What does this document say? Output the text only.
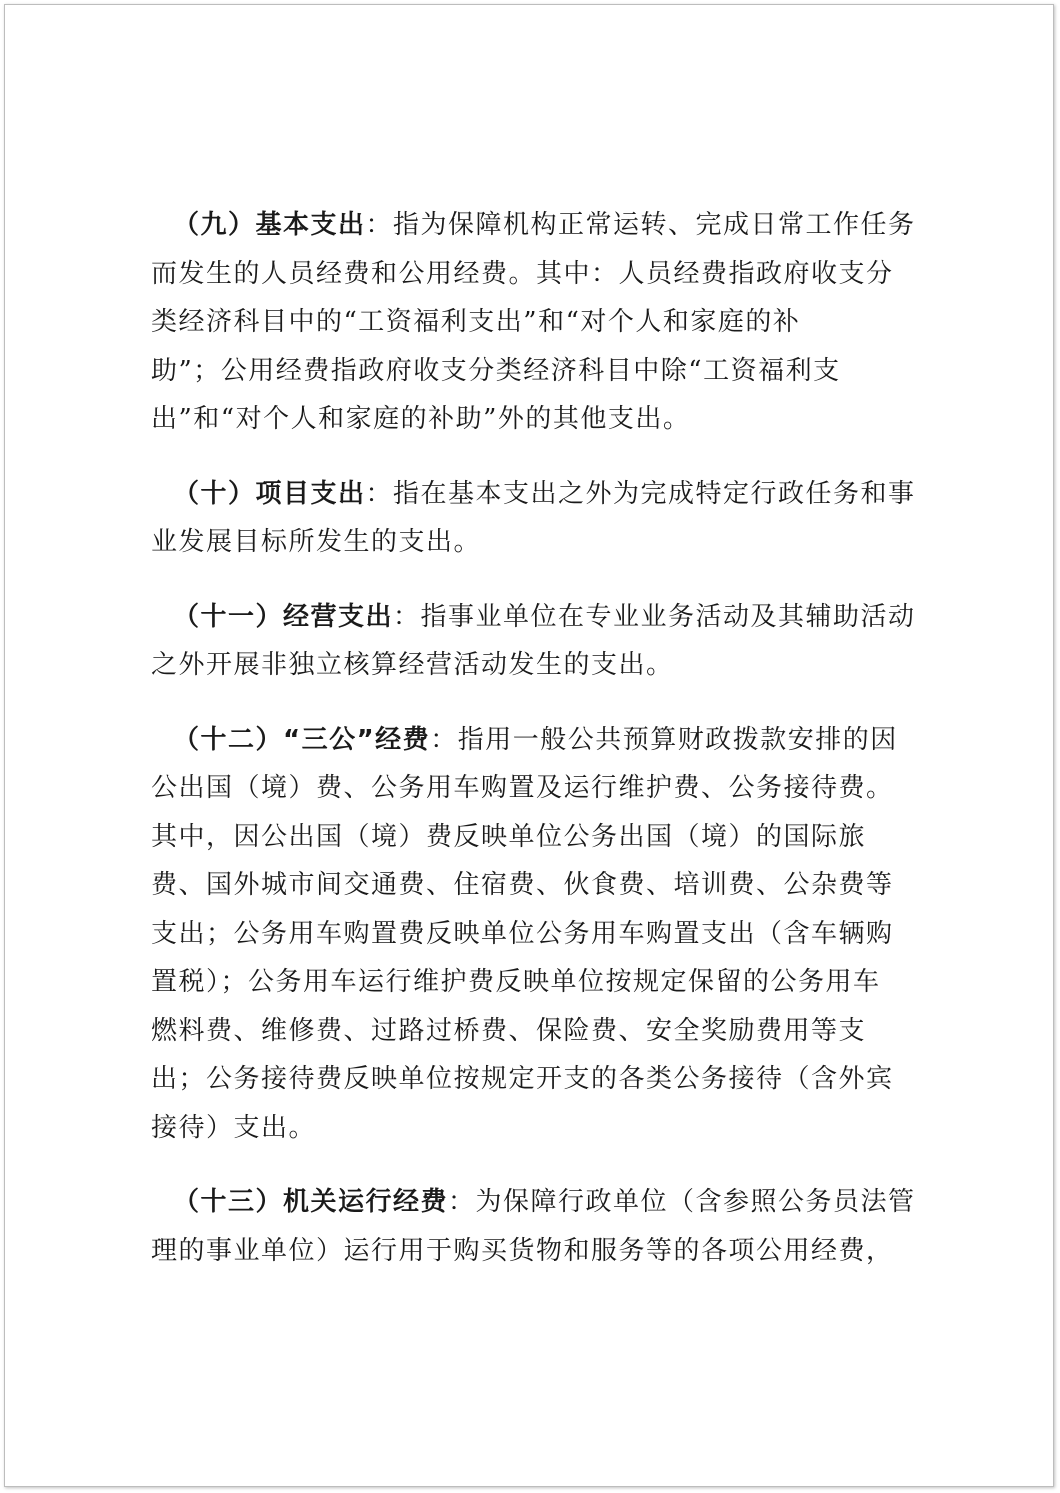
（九）基本支出：指为保障机构正常运转、完成日常工作任务
而发生的人员经费和公用经费。其中：人员经费指政府收支分
类经济科目中的“工资福利支出”和“对个人和家庭的补
助”；公用经费指政府收支分类经济科目中除“工资福利支
出”和“对个人和家庭的补助”外的其他支出。

（十）项目支出：指在基本支出之外为完成特定行政任务和事
业发展目标所发生的支出。

（十一）经营支出：指事业单位在专业业务活动及其辅助活动
之外开展非独立核算经营活动发生的支出。

（十二）“三公”经费：指用一般公共预算财政拨款安排的因
公出国（境）费、公务用车购置及运行维护费、公务接待费。
其中，因公出国（境）费反映单位公务出国（境）的国际旅
费、国外城市间交通费、住宿费、伙食费、培训费、公杂费等
支出；公务用车购置费反映单位公务用车购置支出（含车辆购
置税）；公务用车运行维护费反映单位按规定保留的公务用车
燃料费、维修费、过路过桥费、保险费、安全奖励费用等支
出；公务接待费反映单位按规定开支的各类公务接待（含外宾
接待）支出。

（十三）机关运行经费：为保障行政单位（含参照公务员法管
理的事业单位）运行用于购买货物和服务等的各项公用经费，
